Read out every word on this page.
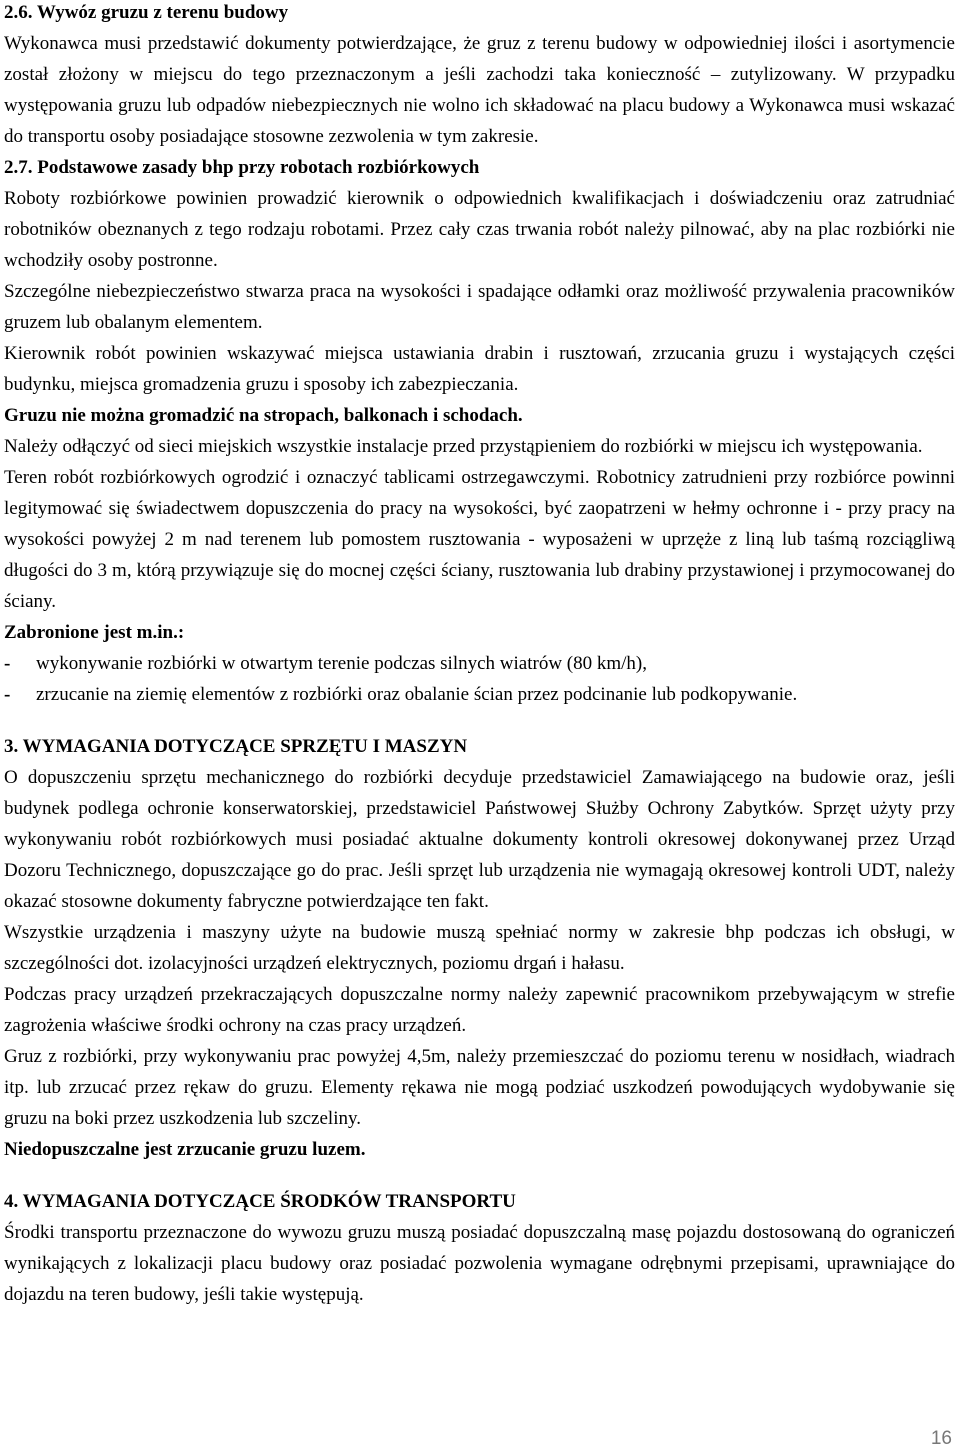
2.6. Wywóz gruzu z terenu budowy

Wykonawca musi przedstawić dokumenty potwierdzające, że gruz z terenu budowy w odpowiedniej ilości i asortymencie został złożony w miejscu do tego przeznaczonym a jeśli zachodzi taka konieczność – zutylizowany. W przypadku występowania gruzu lub odpadów niebezpiecznych nie wolno ich składować na placu budowy a Wykonawca musi wskazać do transportu osoby posiadające stosowne zezwolenia w tym zakresie.

2.7. Podstawowe zasady bhp przy robotach rozbiórkowych

Roboty rozbiórkowe powinien prowadzić kierownik o odpowiednich kwalifikacjach i doświadczeniu oraz zatrudniać robotników obeznanych z tego rodzaju robotami. Przez cały czas trwania robót należy pilnować, aby na plac rozbiórki nie wchodziły osoby postronne.

Szczególne niebezpieczeństwo stwarza praca na wysokości i spadające odłamki oraz możliwość przywalenia pracowników gruzem lub obalanym elementem.

Kierownik robót powinien wskazywać miejsca ustawiania drabin i rusztowań, zrzucania gruzu i wystających części budynku, miejsca gromadzenia gruzu i sposoby ich zabezpieczania.

Gruzu nie można gromadzić na stropach, balkonach i schodach.

Należy odłączyć od sieci miejskich wszystkie instalacje przed przystąpieniem do rozbiórki w miejscu ich występowania.

Teren robót rozbiórkowych ogrodzić i oznaczyć tablicami ostrzegawczymi. Robotnicy zatrudnieni przy rozbiórce powinni legitymować się świadectwem dopuszczenia do pracy na wysokości, być zaopatrzeni w hełmy ochronne i - przy pracy na wysokości powyżej 2 m nad terenem lub pomostem rusztowania - wyposażeni w uprzęże z liną lub taśmą rozciągliwą długości do 3 m, którą przywiązuje się do mocnej części ściany, rusztowania lub drabiny przystawionej i przymocowanej do ściany.

Zabronione jest m.in.:

-	wykonywanie rozbiórki w otwartym terenie podczas silnych wiatrów (80 km/h),
-	zrzucanie na ziemię elementów z rozbiórki oraz obalanie ścian przez podcinanie lub podkopywanie.

3. WYMAGANIA DOTYCZĄCE SPRZĘTU I MASZYN

O dopuszczeniu sprzętu mechanicznego do rozbiórki decyduje przedstawiciel Zamawiającego na budowie oraz, jeśli budynek podlega ochronie konserwatorskiej, przedstawiciel Państwowej Służby Ochrony Zabytków. Sprzęt użyty przy wykonywaniu robót rozbiórkowych musi posiadać aktualne dokumenty kontroli okresowej dokonywanej przez Urząd Dozoru Technicznego, dopuszczające go do prac. Jeśli sprzęt lub urządzenia nie wymagają okresowej kontroli UDT, należy okazać stosowne dokumenty fabryczne potwierdzające ten fakt.

Wszystkie urządzenia i maszyny użyte na budowie muszą spełniać normy w zakresie bhp podczas ich obsługi, w szczególności dot. izolacyjności urządzeń elektrycznych, poziomu drgań i hałasu.

Podczas pracy urządzeń przekraczających dopuszczalne normy należy zapewnić pracownikom przebywającym w strefie zagrożenia właściwe środki ochrony na czas pracy urządzeń.

Gruz z rozbiórki, przy wykonywaniu prac powyżej 4,5m, należy przemieszczać do poziomu terenu w nosidłach, wiadrach itp. lub zrzucać przez rękaw do gruzu. Elementy rękawa nie mogą podziać uszkodzeń powodujących wydobywanie się gruzu na boki przez uszkodzenia lub szczeliny.

Niedopuszczalne jest zrzucanie gruzu luzem.

4. WYMAGANIA DOTYCZĄCE ŚRODKÓW TRANSPORTU

Środki transportu przeznaczone do wywozu gruzu muszą posiadać dopuszczalną masę pojazdu dostosowaną do ograniczeń wynikających z lokalizacji placu budowy oraz posiadać pozwolenia wymagane odrębnymi przepisami, uprawniające do dojazdu na teren budowy, jeśli takie występują.

16
